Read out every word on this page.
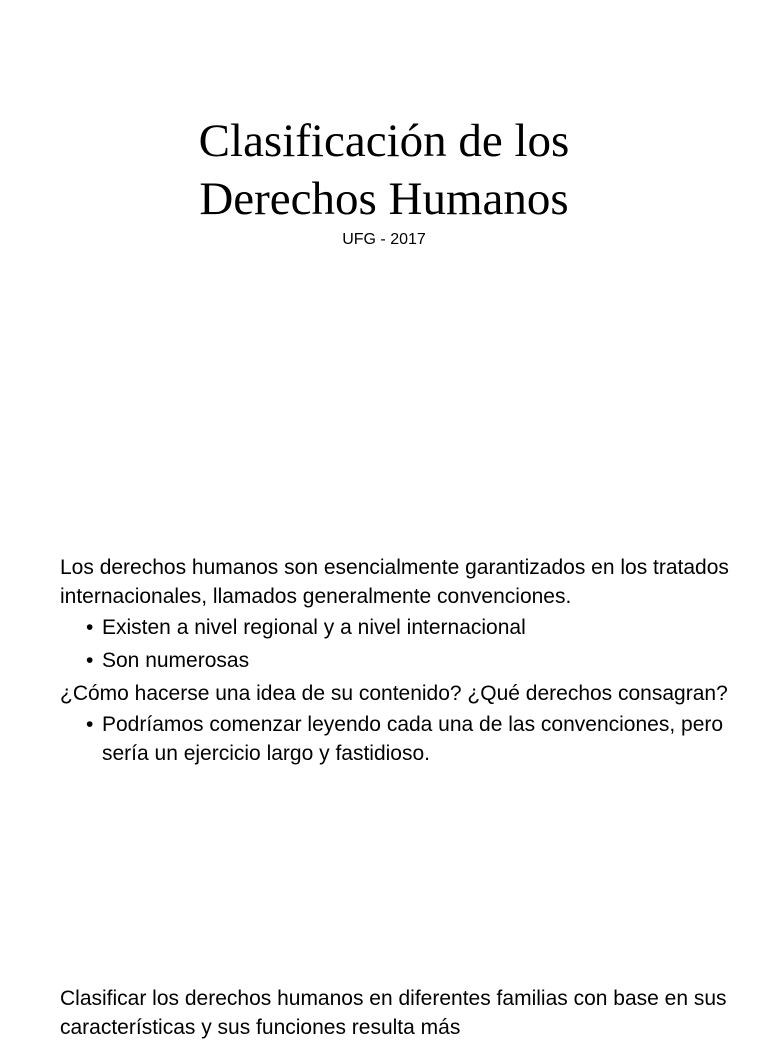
Clasificación de los
Derechos Humanos

UFG - 2017

Los derechos humanos son esencialmente garantizados en los tratados internacionales, llamados generalmente convenciones.

• Existen a nivel regional y a nivel internacional
• Son numerosas

¿Cómo hacerse una idea de su contenido? ¿Qué derechos consagran?

• Podríamos comenzar leyendo cada una de las convenciones, pero sería un ejercicio largo y fastidioso.

Clasificar los derechos humanos en diferentes familias con base en sus características y sus funciones resulta más
